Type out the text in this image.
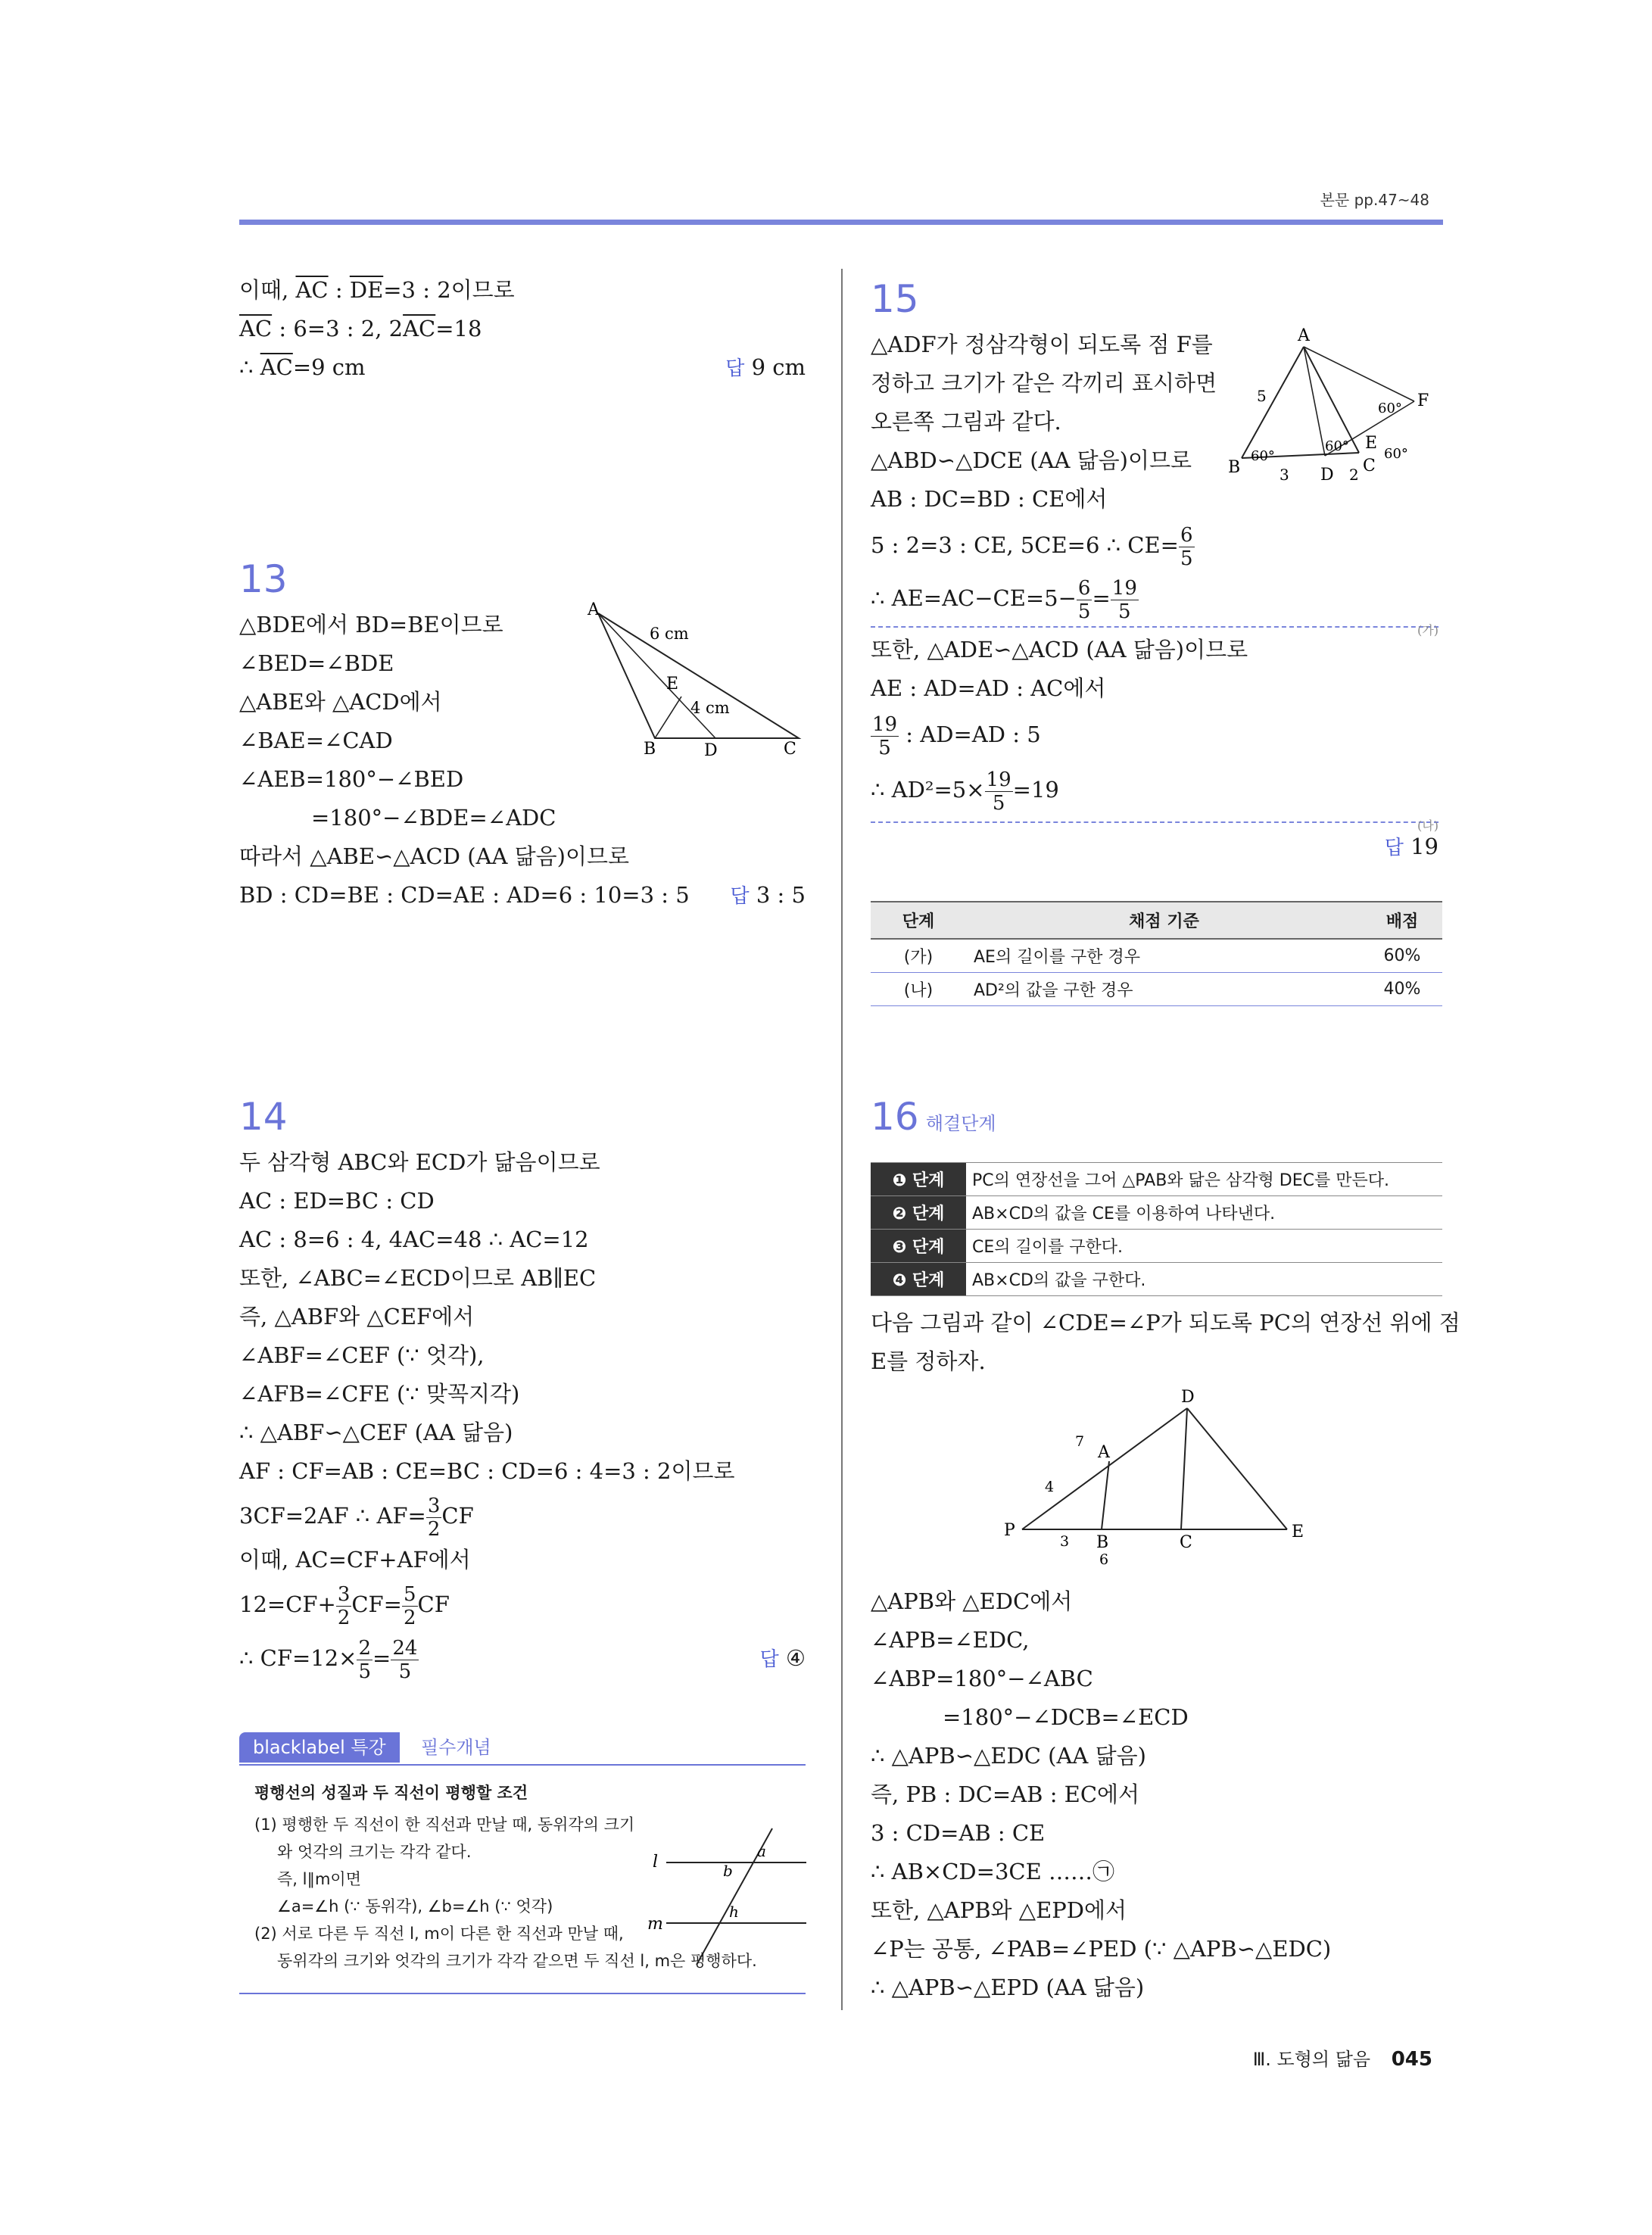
본문 pp.47~48
이때, $\overline{AC}$ : $\overline{DE}=3$ : 2이므로
$\overline{AC}$ : 6=3 : 2, $2\overline{AC}=18$
∴ $\overline{AC}=9$ cm	답 9 cm
13
△BDE에서 BD=BE이므로
∠BED=∠BDE
△ABE와 △ACD에서
∠BAE=∠CAD
∠AEB=180°−∠BED
=180°−∠BDE=∠ADC
따라서 △ABE∽△ACD (AA 닮음)이므로
BD : CD=BE : CD=AE : AD=6 : 10=3 : 5 답 3 : 5
A
B	C
D
E
6 cm
4 cm
14
두 삼각형 ABC와 ECD가 닮음이므로
AC : ED=BC : CD
AC : 8=6 : 4, 4AC=48 ∴ AC=12
또한, ∠ABC=∠ECD이므로 AB∥EC
즉, △ABF와 △CEF에서
∠ABF=∠CEF (∵ 엇각),
∠AFB=∠CFE (∵ 맞꼭지각)
∴ △ABF∽△CEF (AA 닮음)
AF : CF=AB : CE=BC : CD=6 : 4=3 : 2이므로
3CF=2AF ∴ $AF= \frac{3}{2}$ CF
이때, AC=CF+AF에서
$12=CF+ \frac{3}{2} CF= \frac{5}{2}$ CF
∴ $CF=12\times \frac{2}{5} = \frac{24}{5}$	답 ④
blacklabel 특강	필수개념
평행선의 성질과 두 직선이 평행할 조건
(1) 평행한 두 직선이 한 직선과 만날 때, 동위각의 크기
와 엇각의 크기는 각각 같다.
즉, l∥m이면
∠a=∠h (∵ 동위각), ∠b=∠h (∵ 엇각)
(2) 서로 다른 두 직선 l, m이 다른 한 직선과 만날 때,
동위각의 크기와 엇각의 크기가 각각 같으면 두 직선 l, m은 평행하다.
l
m
a
b
h
15
△ADF가 정삼각형이 되도록 점 F를
정하고 크기가 같은 각끼리 표시하면
오른쪽 그림과 같다.
△ABD∽△DCE (AA 닮음)이므로
AB : DC=BD : CE에서
5 : 2=3 : CE, 5CE=6 ∴ $CE= \frac{6}{5}$
∴ $AE=AC-CE=5- \frac{6}{5} = \frac{19}{5}$
(가)
또한, △ADE∽△ACD (AA 닮음)이므로
AE : AD=AD : AC에서
$\frac{19}{5}$ : AD=AD : 5
∴ $AD^2=5\times \frac{19}{5} =19$
(나)
답 19
A
B	C
D
E
F
5
3	2
60°
60°
60°
60°
단계	채점 기준	배점
(가)	AE의 길이를 구한 경우	60%
(나)	AD²의 값을 구한 경우	40%
16 해결단계
❶ 단계	PC의 연장선을 그어 △PAB와 닮은 삼각형 DEC를 만든다.
❷ 단계	AB×CD의 값을 CE를 이용하여 나타낸다.
❸ 단계	CE의 길이를 구한다.
❹ 단계	AB×CD의 값을 구한다.
다음 그림과 같이 ∠CDE=∠P가 되도록 PC의 연장선 위에 점
E를 정하자.
D
A
P
B	C
E
7
4
3
6
△APB와 △EDC에서
∠APB=∠EDC,
∠ABP=180°−∠ABC
=180°−∠DCB=∠ECD
∴ △APB∽△EDC (AA 닮음)
즉, PB : DC=AB : EC에서
3 : CD=AB : CE
∴ AB×CD=3CE ……㉠
또한, △APB와 △EPD에서
∠P는 공통, ∠PAB=∠PED (∵ △APB∽△EDC)
∴ △APB∽△EPD (AA 닮음)
Ⅲ. 도형의 닮음 045
